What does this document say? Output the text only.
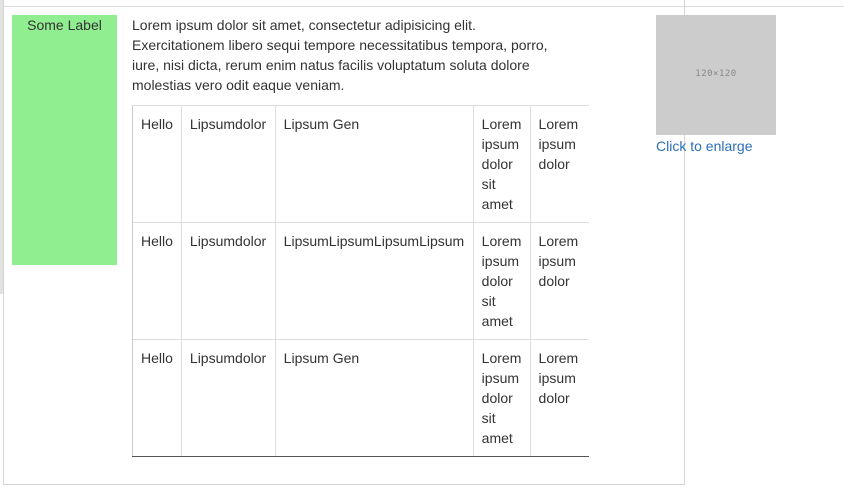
Some Label	Lorem ipsum dolor sit amet, consectetur adipisicing elit. Exercitationem libero sequi tempore necessitatibus tempora, porro, iure, nisi dicta, rerum enim natus facilis voluptatum soluta dolore molestias vero odit eaque veniam.

Hello	Lipsumdolor	Lipsum Gen	Lorem ipsum dolor sit amet	Lorem ipsum dolor
Hello	Lipsumdolor	LipsumLipsumLipsumLipsum	Lorem ipsum dolor sit amet	Lorem ipsum dolor
Hello	Lipsumdolor	Lipsum Gen	Lorem ipsum dolor sit amet	Lorem ipsum dolor
120×120
Click to enlarge
